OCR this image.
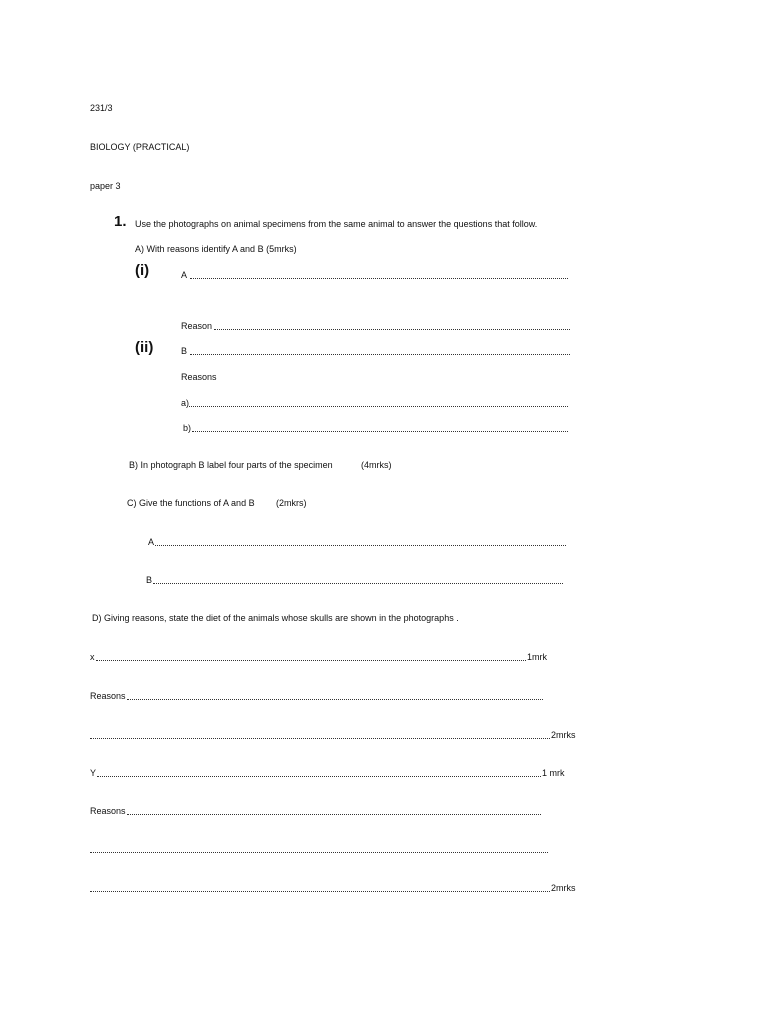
231/3
BIOLOGY (PRACTICAL)
paper 3
1. Use the photographs on animal specimens from the same animal to answer the questions that follow.
A) With reasons identify A and B (5mrks)
(i)	A
Reason
(ii)	B
Reasons
a)
b)
B) In photograph B label four parts of the specimen	(4mrks)
C) Give the functions of A and B (2mkrs)
A
B
D) Giving reasons, state the diet of the animals whose skulls are shown in the photographs .
x	1mrk
Reasons
2mrks
Y	1 mrk
Reasons
2mrks
